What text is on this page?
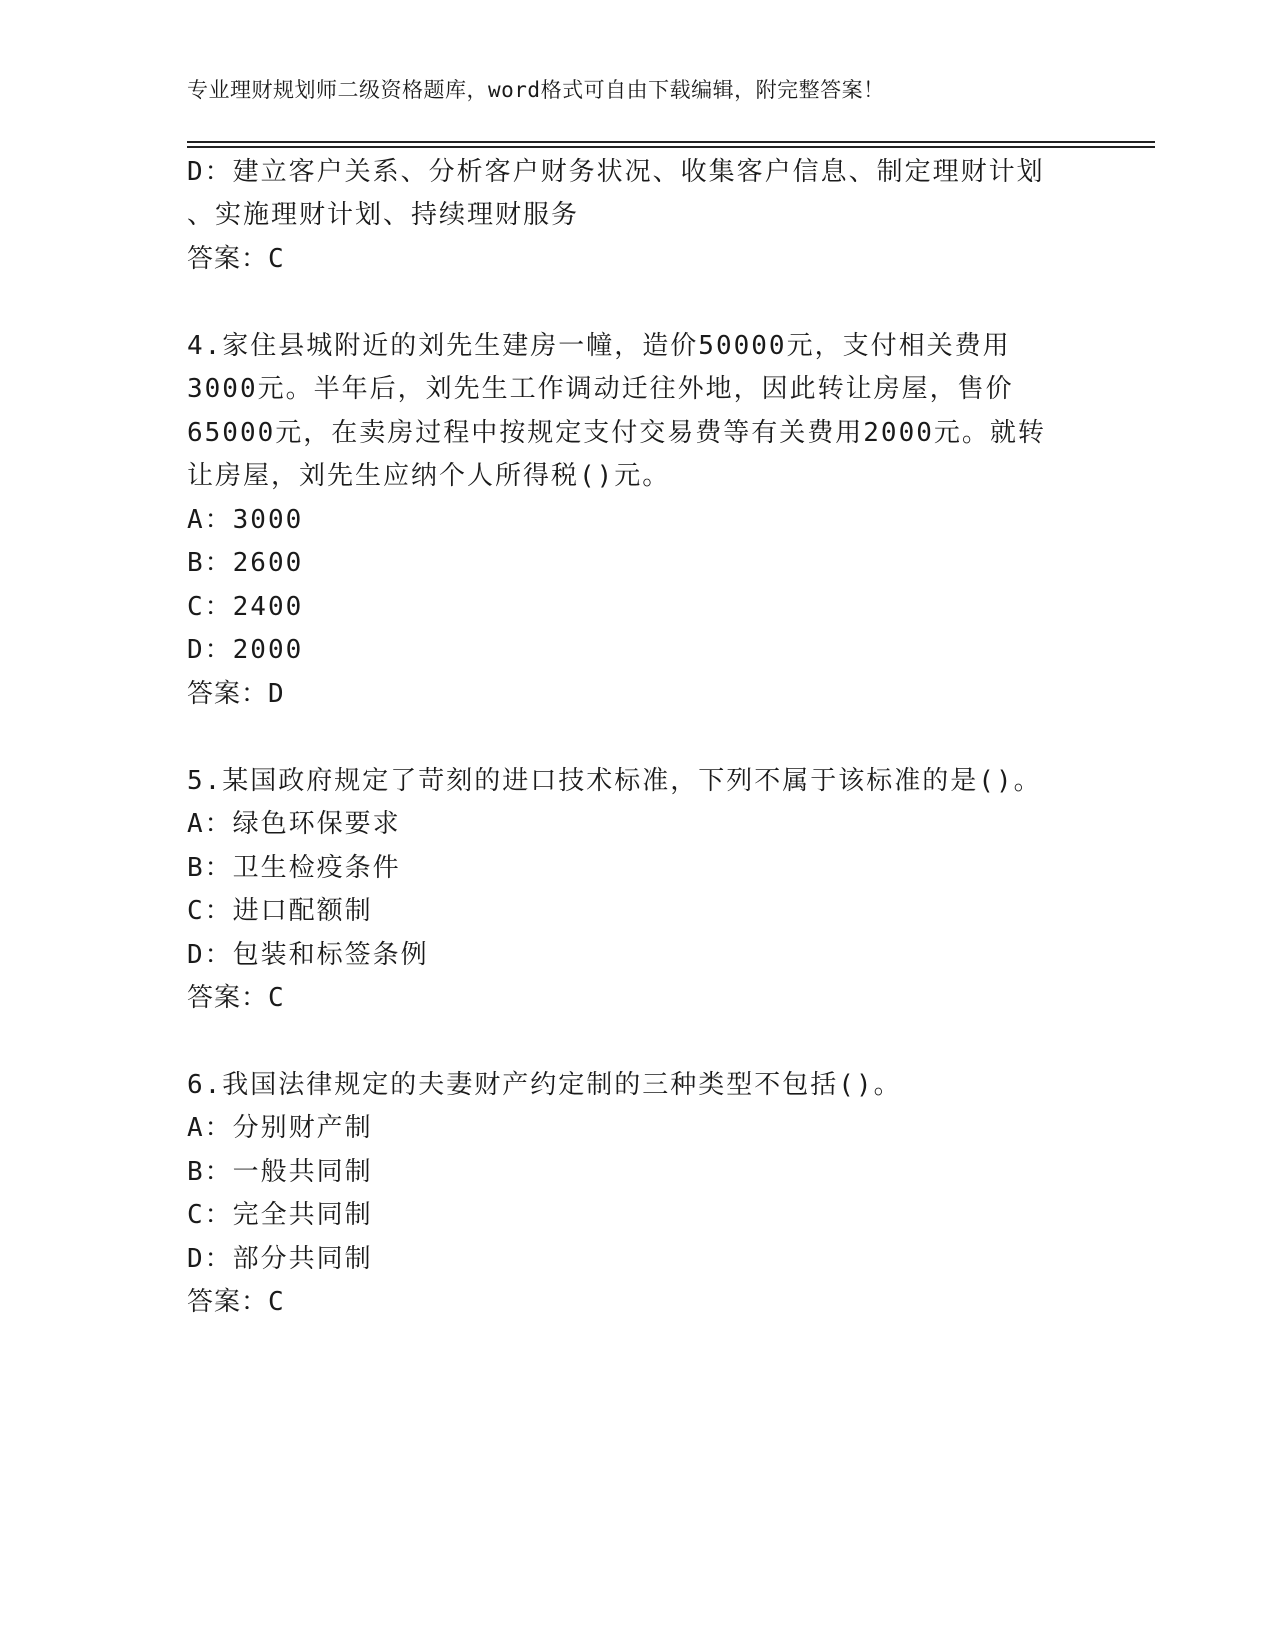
专业理财规划师二级资格题库，word格式可自由下载编辑，附完整答案！
D：建立客户关系、分析客户财务状况、收集客户信息、制定理财计划
、实施理财计划、持续理财服务
答案：C
4.家住县城附近的刘先生建房一幢，造价50000元，支付相关费用
3000元。半年后，刘先生工作调动迁往外地，因此转让房屋，售价
65000元，在卖房过程中按规定支付交易费等有关费用2000元。就转
让房屋，刘先生应纳个人所得税()元。
A：3000
B：2600
C：2400
D：2000
答案：D
5.某国政府规定了苛刻的进口技术标准，下列不属于该标准的是()。
A：绿色环保要求
B：卫生检疫条件
C：进口配额制
D：包装和标签条例
答案：C
6.我国法律规定的夫妻财产约定制的三种类型不包括()。
A：分别财产制
B：一般共同制
C：完全共同制
D：部分共同制
答案：C
